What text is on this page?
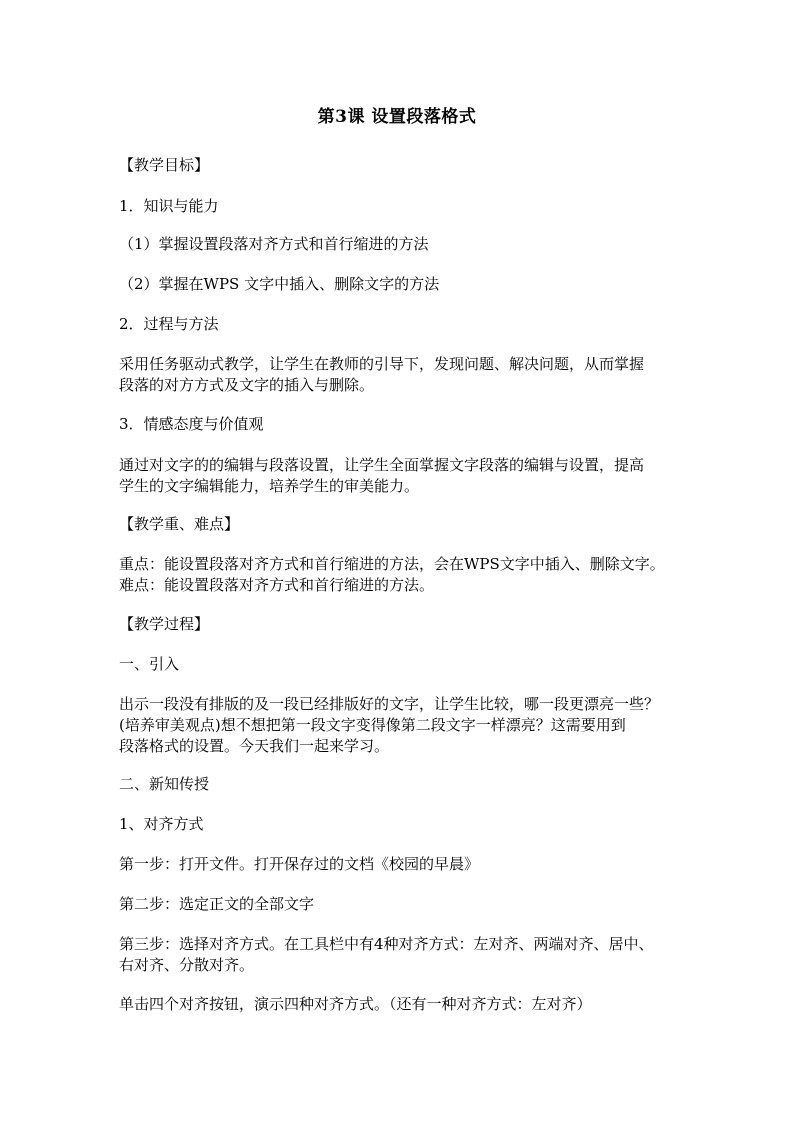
第3课 设置段落格式
【教学目标】
1．知识与能力
（1）掌握设置段落对齐方式和首行缩进的方法
（2）掌握在WPS 文字中插入、删除文字的方法
2．过程与方法
采用任务驱动式教学，让学生在教师的引导下，发现问题、解决问题，从而掌握
段落的对方方式及文字的插入与删除。
3．情感态度与价值观
通过对文字的的编辑与段落设置，让学生全面掌握文字段落的编辑与设置，提高
学生的文字编辑能力，培养学生的审美能力。
【教学重、难点】
重点：能设置段落对齐方式和首行缩进的方法，会在WPS文字中插入、删除文字。
难点：能设置段落对齐方式和首行缩进的方法。
【教学过程】
一、引入
出示一段没有排版的及一段已经排版好的文字，让学生比较，哪一段更漂亮一些？
(培养审美观点)想不想把第一段文字变得像第二段文字一样漂亮？这需要用到
段落格式的设置。今天我们一起来学习。
二、新知传授
1、对齐方式
第一步：打开文件。打开保存过的文档《校园的早晨》
第二步：选定正文的全部文字
第三步：选择对齐方式。在工具栏中有4种对齐方式：左对齐、两端对齐、居中、
右对齐、分散对齐。
单击四个对齐按钮，演示四种对齐方式。（还有一种对齐方式：左对齐）
